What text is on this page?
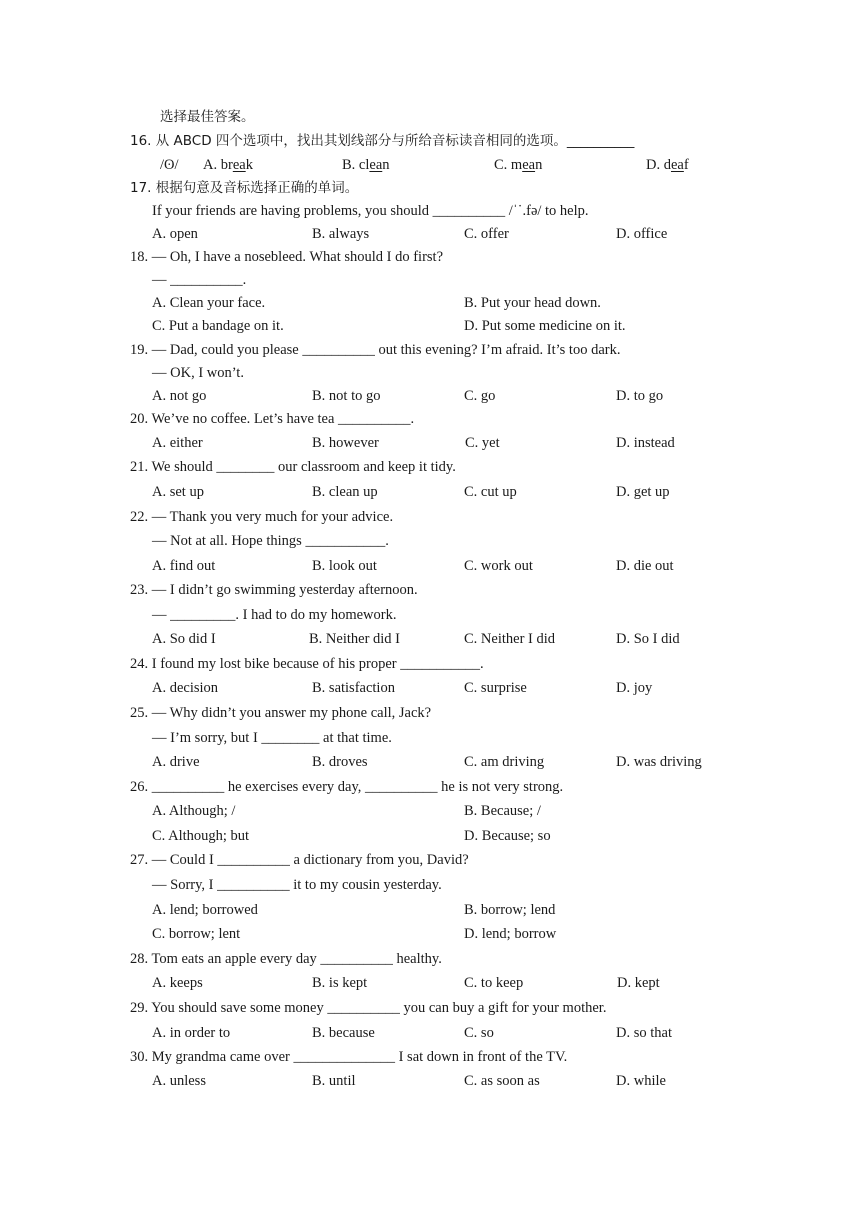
选择最佳答案。
16. 从 ABCD 四个选项中，找出其划线部分与所给音标读音相同的选项。__________
/ʘ/ A. break	B. clean	C. mean	D. deaf
17. 根据句意及音标选择正确的单词。
If your friends are having problems, you should __________ /ˈ˙.fə/ to help.
A. open	B. always	C. offer	D. office
18. — Oh, I have a nosebleed. What should I do first?
— __________.
A. Clean your face.	B. Put your head down.
C. Put a bandage on it.	D. Put some medicine on it.
19. — Dad, could you please __________ out this evening? I’m afraid. It’s too dark.
— OK, I won’t.
A. not go	B. not to go	C. go	D. to go
20. We’ve no coffee. Let’s have tea __________.
A. either	B. however	C. yet	D. instead
21. We should ________ our classroom and keep it tidy.
A. set up	B. clean up	C. cut up	D. get up
22. — Thank you very much for your advice.
— Not at all. Hope things ___________.
A. find out	B. look out	C. work out	D. die out
23. — I didn’t go swimming yesterday afternoon.
— _________. I had to do my homework.
A. So did I	B. Neither did I	C. Neither I did	D. So I did
24. I found my lost bike because of his proper ___________.
A. decision	B. satisfaction	C. surprise	D. joy
25. — Why didn’t you answer my phone call, Jack?
— I’m sorry, but I ________ at that time.
A. drive	B. droves	C. am driving	D. was driving
26. __________ he exercises every day, __________ he is not very strong.
A. Although; /	B. Because; /
C. Although; but	D. Because; so
27. — Could I __________ a dictionary from you, David?
— Sorry, I __________ it to my cousin yesterday.
A. lend; borrowed	B. borrow; lend
C. borrow; lent	D. lend; borrow
28. Tom eats an apple every day __________ healthy.
A. keeps	B. is kept	C. to keep	D. kept
29. You should save some money __________ you can buy a gift for your mother.
A. in order to	B. because	C. so	D. so that
30. My grandma came over ______________ I sat down in front of the TV.
A. unless	B. until	C. as soon as	D. while
